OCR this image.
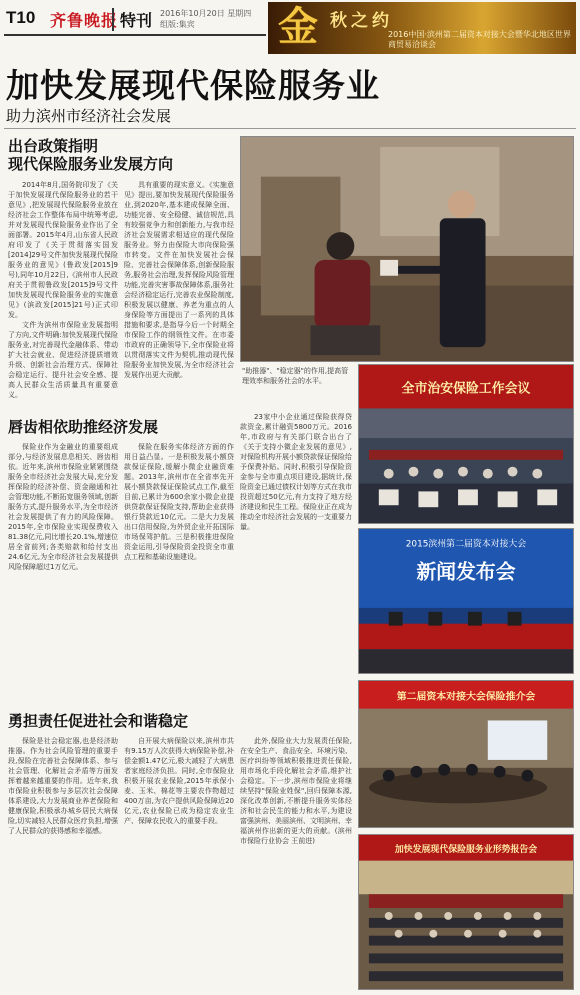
T10 齐鲁晚报 特刊 2016年10月20日 星期四
组版:集宾	金 秋之约
2016中国·滨州第二届资本对接大会暨华北地区世界商贸易洽谈会
加快发展现代保险服务业
助力滨州市经济社会发展
出台政策指明
现代保险服务业发展方向

2014年8月,国务院印发了《关于加快发展现代保险服务业的若干意见》,把发展现代保险服务业放在经济社会工作整体布局中统筹考虑,并对发展现代保险服务业作出了全面部署。2015年4月,山东省人民政府印发了《关于贯彻落实国发[2014]29号文件加快发展现代保险服务业的意见》(鲁政发[2015]9号),同年10月22日,《滨州市人民政府关于贯彻鲁政发[2015]9号文件加快发展现代保险服务业的实施意见》(滨政发[2015]21号)正式印发。

文件为滨州市保险业发展指明了方向,文件明确:加快发展现代保险服务业,对完善现代金融体系、带动扩大社会就业、促进经济提质增效升级、创新社会治理方式、保障社会稳定运行、提升社会安全感、提高人民群众生活质量具有重要意义。

具有重要的现实意义。《实施意见》提出,要加快发展现代保险服务业,到2020年,基本建成保障全面、功能完善、安全稳健、诚信规范,具有较强竞争力和创新能力,与我市经济社会发展需求相适应的现代保险服务业。努力由保险大市向保险强市转变。文件在加快发展社会保险、完善社会保障体系,创新保险服务,服务社会治理,发挥保险风险管理功能,完善灾害事故保障体系,服务社会经济稳定运行,完善农业保险制度,积极发展以健康、养老为重点的人身保险等方面提出了一系列的具体措施和要求,是指导今后一个时期全市保险工作的纲领性文件。在市委市政府的正确领导下,全市保险业将以贯彻落实文件为契机,推动现代保险服务业加快发展,为全市经济社会发展作出更大贡献。	"助推器"、"稳定器"的作用,提高管理效率和服务社会的水平。
全市治安保险工作会议
唇齿相依助推经济发展
保险业作为金融业的重要组成部分,与经济发展息息相关、唇齿相依。近年来,滨州市保险业紧紧围绕服务全市经济社会发展大局,充分发挥保险的经济补偿、资金融通和社会管理功能,不断拓宽服务领域,创新服务方式,提升服务水平,为全市经济社会发展提供了有力的风险保障。2015年,全市保险业实现保费收入81.38亿元,同比增长20.1%,增速位居全省前列;各类赔款和给付支出24.6亿元,为全市经济社会发展提供风险保障超过1万亿元。
保险在服务实体经济方面的作用日益凸显。一是积极发展小额贷款保证保险,缓解小微企业融资难题。2013年,滨州市在全省率先开展小额贷款保证保险试点工作,截至目前,已累计为600余家小微企业提供贷款保证保险支持,帮助企业获得银行贷款近10亿元。二是大力发展出口信用保险,为外贸企业开拓国际市场保驾护航。三是积极推进保险资金运用,引导保险资金投资全市重点工程和基础设施建设。
23家中小企业通过保险获得贷款资金,累计融资5800万元。2016年,市政府与有关部门联合出台了《关于支持小微企业发展的意见》,对保险机构开展小额贷款保证保险给予保费补贴。同时,积极引导保险资金参与全市重点项目建设,据统计,保险资金已通过债权计划等方式在我市投资超过50亿元,有力支持了地方经济建设和民生工程。保险业正在成为推动全市经济社会发展的一支重要力量。
2015滨州第二届资本对接大会
新闻发布会
勇担责任促进社会和谐稳定
保险是社会稳定器,也是经济助推器。作为社会风险管理的重要手段,保险在完善社会保障体系、参与社会管理、化解社会矛盾等方面发挥着越来越重要的作用。近年来,我市保险业积极参与多层次社会保障体系建设,大力发展商业养老保险和健康保险,积极承办城乡居民大病保险,切实减轻人民群众医疗负担,增强了人民群众的获得感和幸福感。
自开展大病保险以来,滨州市共有9.15万人次获得大病保险补偿,补偿金额1.47亿元,极大减轻了大病患者家庭经济负担。同时,全市保险业积极开展农业保险,2015年承保小麦、玉米、棉花等主要农作物超过400万亩,为农户提供风险保障近20亿元,农业保险已成为稳定农业生产、保障农民收入的重要手段。
此外,保险业大力发展责任保险,在安全生产、食品安全、环境污染、医疗纠纷等领域积极推进责任保险,用市场化手段化解社会矛盾,维护社会稳定。下一步,滨州市保险业将继续坚持"保险业姓保",回归保障本源,深化改革创新,不断提升服务实体经济和社会民生的能力和水平,为建设富强滨州、美丽滨州、文明滨州、幸福滨州作出新的更大的贡献。(滨州市保险行业协会 王前进)
第二届资本对接大会保险推介会
加快发展现代保险服务业形势报告会
